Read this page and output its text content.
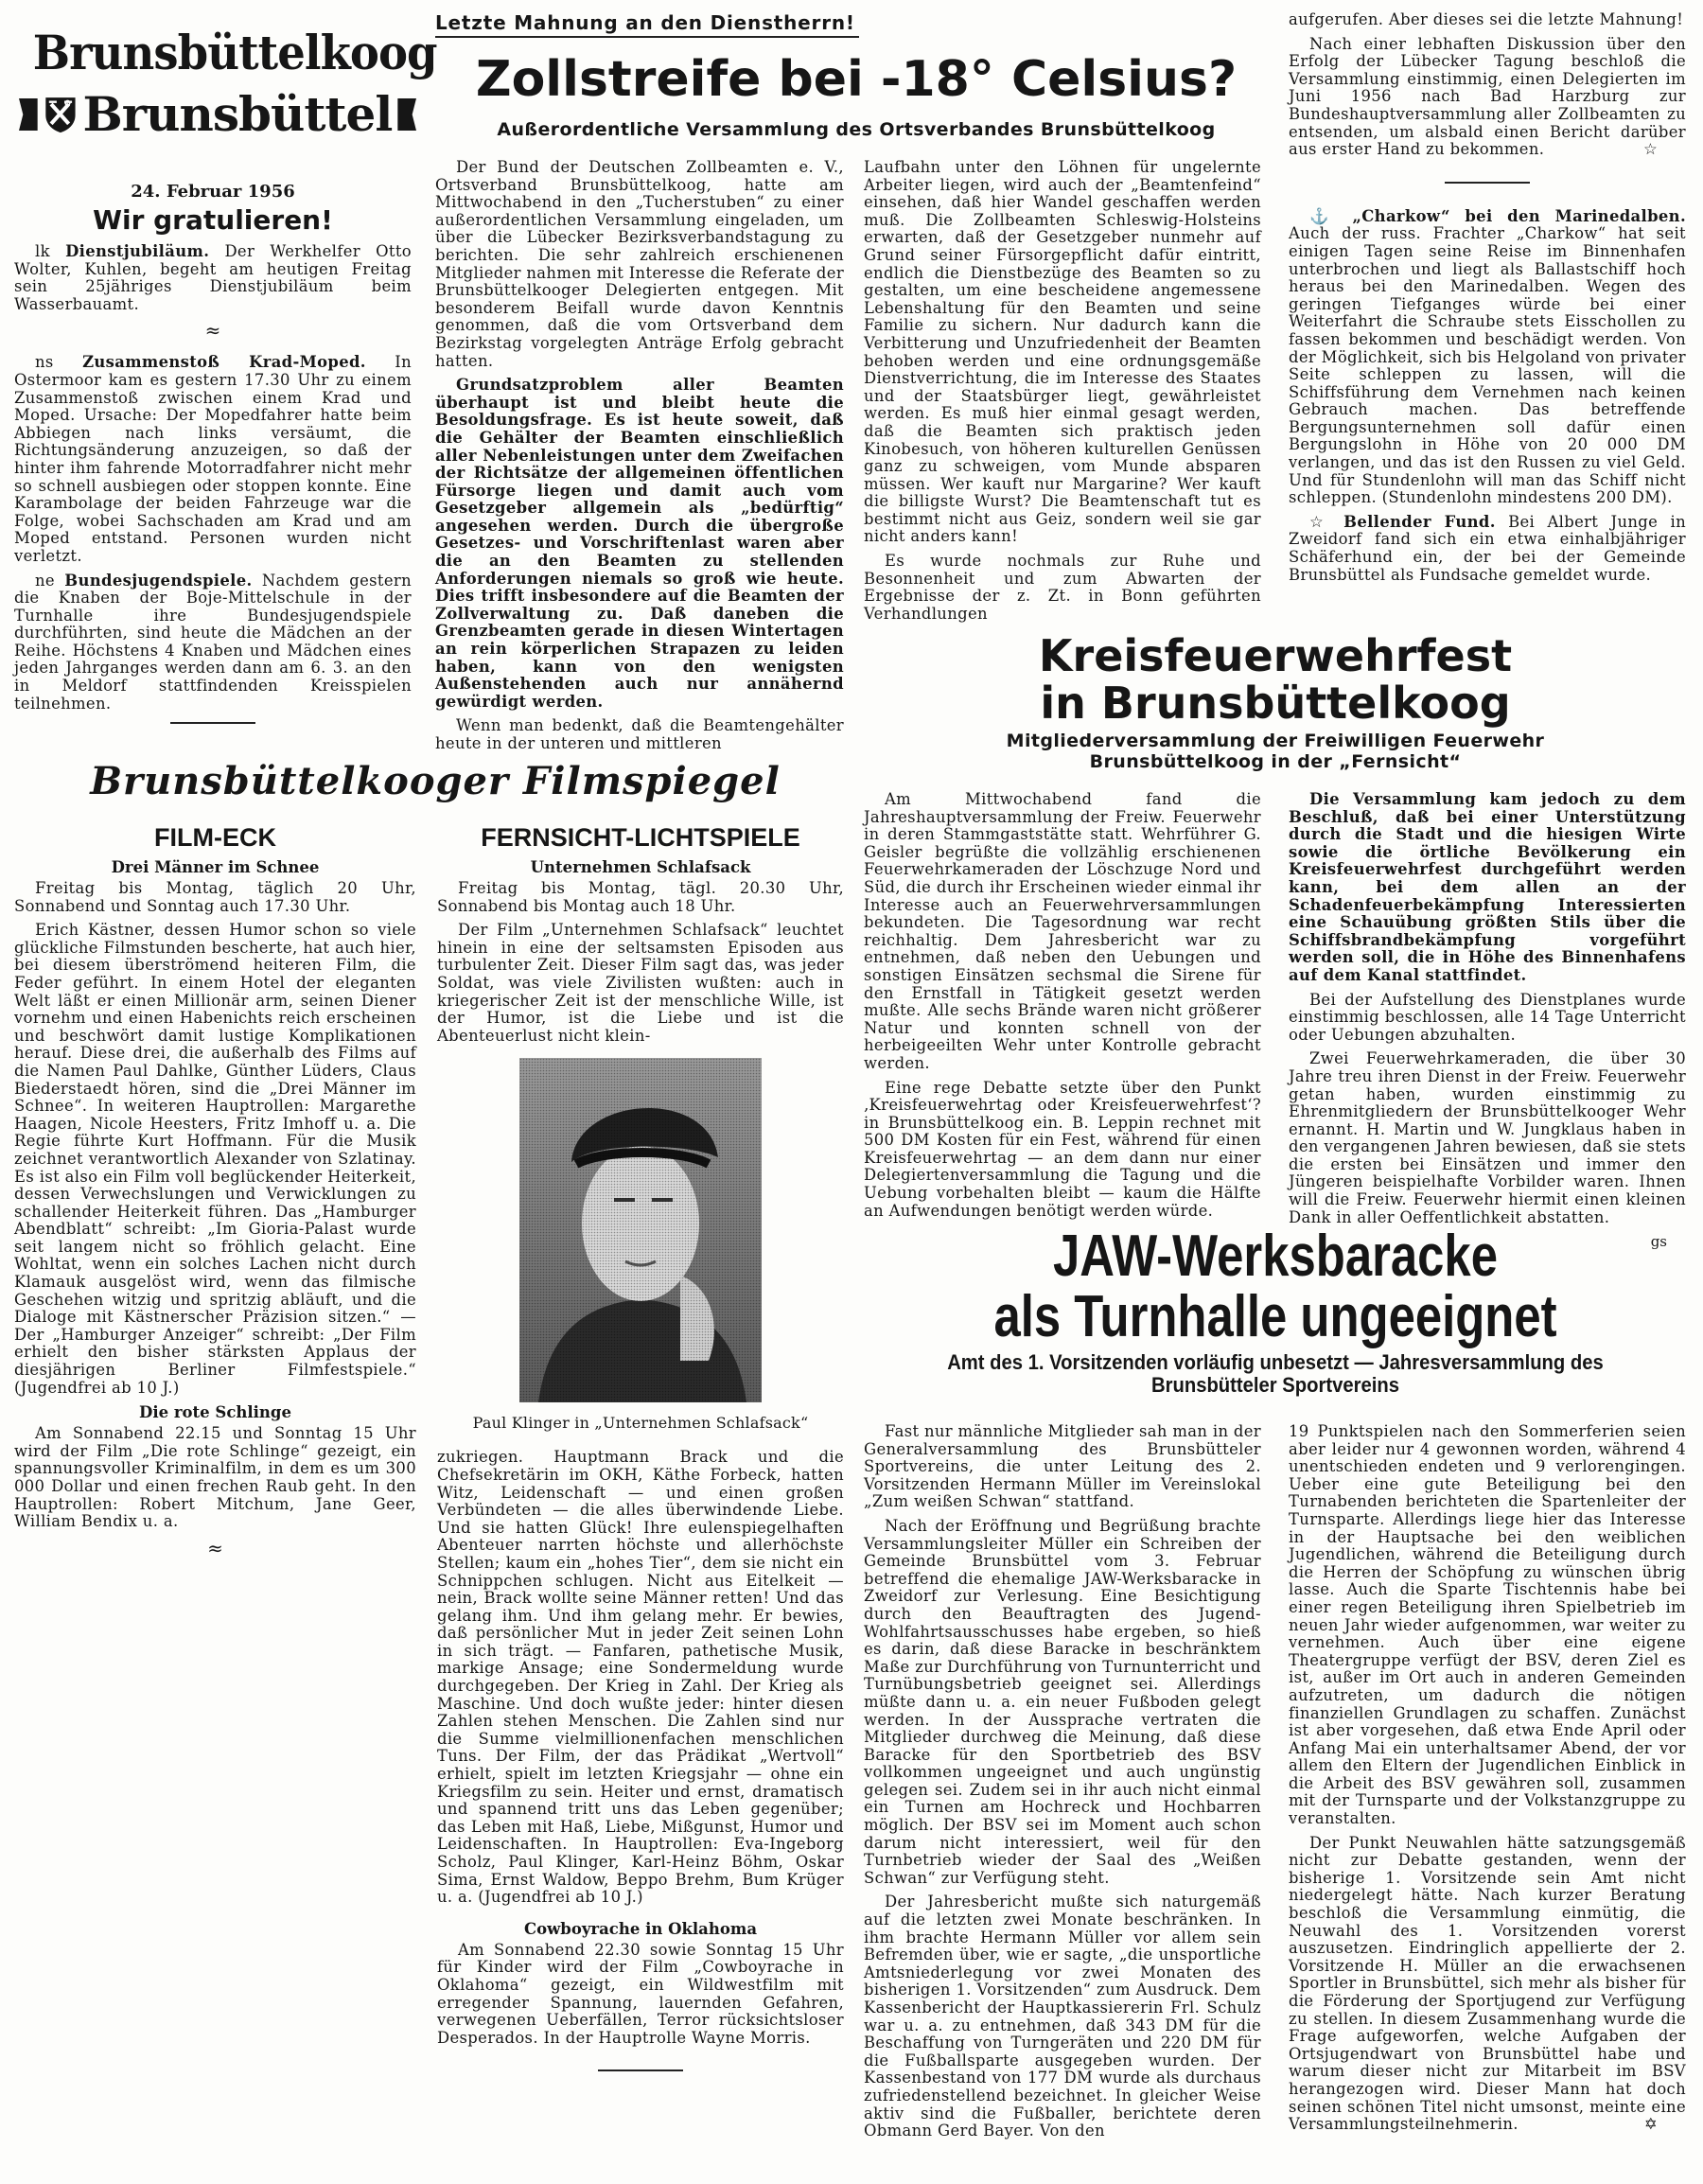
Brunsbüttelkoog
Brunsbüttel
24. Februar 1956
Wir gratulieren!

lk Dienstjubiläum. Der Werkhelfer Otto Wolter, Kuhlen, begeht am heutigen Freitag sein 25jähriges Dienstjubiläum beim Wasserbauamt.

≈

ns Zusammenstoß Krad-Moped. In Ostermoor kam es gestern 17.30 Uhr zu einem Zusammenstoß zwischen einem Krad und Moped. Ursache: Der Mopedfahrer hatte beim Abbiegen nach links versäumt, die Richtungsänderung anzuzeigen, so daß der hinter ihm fahrende Motorradfahrer nicht mehr so schnell ausbiegen oder stoppen konnte. Eine Karambolage der beiden Fahrzeuge war die Folge, wobei Sachschaden am Krad und am Moped entstand. Personen wurden nicht verletzt.

ne Bundesjugendspiele. Nachdem gestern die Knaben der Boje-Mittelschule in der Turnhalle ihre Bundesjugendspiele durchführten, sind heute die Mädchen an der Reihe. Höchstens 4 Knaben und Mädchen eines jeden Jahrganges werden dann am 6. 3. an den in Meldorf stattfindenden Kreisspielen teilnehmen.

Letzte Mahnung an den Dienstherrn!
Zollstreife bei -18° Celsius?
Außerordentliche Versammlung des Ortsverbandes Brunsbüttelkoog

Der Bund der Deutschen Zollbeamten e. V., Ortsverband Brunsbüttelkoog, hatte am Mittwochabend in den „Tucherstuben“ zu einer außerordentlichen Versammlung eingeladen, um über die Lübecker Bezirksverbandstagung zu berichten. Die sehr zahlreich erschienenen Mitglieder nahmen mit Interesse die Referate der Brunsbüttelkooger Delegierten entgegen. Mit besonderem Beifall wurde davon Kenntnis genommen, daß die vom Ortsverband dem Bezirkstag vorgelegten Anträge Erfolg gebracht hatten.

Grundsatzproblem aller Beamten überhaupt ist und bleibt heute die Besoldungsfrage. Es ist heute soweit, daß die Gehälter der Beamten einschließlich aller Nebenleistungen unter dem Zweifachen der Richtsätze der allgemeinen öffentlichen Fürsorge liegen und damit auch vom Gesetzgeber allgemein als „bedürftig“ angesehen werden. Durch die übergroße Gesetzes- und Vorschriftenlast waren aber die an den Beamten zu stellenden Anforderungen niemals so groß wie heute. Dies trifft insbesondere auf die Beamten der Zollverwaltung zu. Daß daneben die Grenzbeamten gerade in diesen Wintertagen an rein körperlichen Strapazen zu leiden haben, kann von den wenigsten Außenstehenden auch nur annähernd gewürdigt werden.

Wenn man bedenkt, daß die Beamtengehälter heute in der unteren und mittleren

Laufbahn unter den Löhnen für ungelernte Arbeiter liegen, wird auch der „Beamtenfeind“ einsehen, daß hier Wandel geschaffen werden muß. Die Zollbeamten Schleswig-Holsteins erwarten, daß der Gesetzgeber nunmehr auf Grund seiner Fürsorgepflicht dafür eintritt, endlich die Dienstbezüge des Beamten so zu gestalten, um eine bescheidene angemessene Lebenshaltung für den Beamten und seine Familie zu sichern. Nur dadurch kann die Verbitterung und Unzufriedenheit der Beamten behoben werden und eine ordnungsgemäße Dienstverrichtung, die im Interesse des Staates und der Staatsbürger liegt, gewährleistet werden. Es muß hier einmal gesagt werden, daß die Beamten sich praktisch jeden Kinobesuch, von höheren kulturellen Genüssen ganz zu schweigen, vom Munde absparen müssen. Wer kauft nur Margarine? Wer kauft die billigste Wurst? Die Beamtenschaft tut es bestimmt nicht aus Geiz, sondern weil sie gar nicht anders kann!

Es wurde nochmals zur Ruhe und Besonnenheit und zum Abwarten der Ergebnisse der z. Zt. in Bonn geführten Verhandlungen

aufgerufen. Aber dieses sei die letzte Mahnung!

Nach einer lebhaften Diskussion über den Erfolg der Lübecker Tagung beschloß die Versammlung einstimmig, einen Delegierten im Juni 1956 nach Bad Harzburg zur Bundeshauptversammlung aller Zollbeamten zu entsenden, um alsbald einen Bericht darüber aus erster Hand zu bekommen.	☆

⚓ „Charkow“ bei den Marinedalben. Auch der russ. Frachter „Charkow“ hat seit einigen Tagen seine Reise im Binnenhafen unterbrochen und liegt als Ballastschiff hoch heraus bei den Marinedalben. Wegen des geringen Tiefganges würde bei einer Weiterfahrt die Schraube stets Eisschollen zu fassen bekommen und beschädigt werden. Von der Möglichkeit, sich bis Helgoland von privater Seite schleppen zu lassen, will die Schiffsführung dem Vernehmen nach keinen Gebrauch machen. Das betreffende Bergungsunternehmen soll dafür einen Bergungslohn in Höhe von 20 000 DM verlangen, und das ist den Russen zu viel Geld. Und für Stundenlohn will man das Schiff nicht schleppen. (Stundenlohn mindestens 200 DM).

☆ Bellender Fund. Bei Albert Junge in Zweidorf fand sich ein etwa einhalbjähriger Schäferhund ein, der bei der Gemeinde Brunsbüttel als Fundsache gemeldet wurde.

Kreisfeuerwehrfest
in Brunsbüttelkoog
Mitgliederversammlung der Freiwilligen Feuerwehr Brunsbüttelkoog in der „Fernsicht“

Am Mittwochabend fand die Jahreshauptversammlung der Freiw. Feuerwehr in deren Stammgaststätte statt. Wehrführer G. Geisler begrüßte die vollzählig erschienenen Feuerwehrkameraden der Löschzuge Nord und Süd, die durch ihr Erscheinen wieder einmal ihr Interesse auch an Feuerwehrversammlungen bekundeten. Die Tagesordnung war recht reichhaltig. Dem Jahresbericht war zu entnehmen, daß neben den Uebungen und sonstigen Einsätzen sechsmal die Sirene für den Ernstfall in Tätigkeit gesetzt werden mußte. Alle sechs Brände waren nicht größerer Natur und konnten schnell von der herbeigeeilten Wehr unter Kontrolle gebracht werden.

Eine rege Debatte setzte über den Punkt ‚Kreisfeuerwehrtag oder Kreisfeuerwehrfest‘? in Brunsbüttelkoog ein. B. Leppin rechnet mit 500 DM Kosten für ein Fest, während für einen Kreisfeuerwehrtag — an dem dann nur einer Delegiertenversammlung die Tagung und die Uebung vorbehalten bleibt — kaum die Hälfte an Aufwendungen benötigt werden würde.

Die Versammlung kam jedoch zu dem Beschluß, daß bei einer Unterstützung durch die Stadt und die hiesigen Wirte sowie die örtliche Bevölkerung ein Kreisfeuerwehrfest durchgeführt werden kann, bei dem allen an der Schadenfeuerbekämpfung Interessierten eine Schauübung größten Stils über die Schiffsbrandbekämpfung vorgeführt werden soll, die in Höhe des Binnenhafens auf dem Kanal stattfindet.

Bei der Aufstellung des Dienstplanes wurde einstimmig beschlossen, alle 14 Tage Unterricht oder Uebungen abzuhalten.

Zwei Feuerwehrkameraden, die über 30 Jahre treu ihren Dienst in der Freiw. Feuerwehr getan haben, wurden einstimmig zu Ehrenmitgliedern der Brunsbüttelkooger Wehr ernannt. H. Martin und W. Jungklaus haben in den vergangenen Jahren bewiesen, daß sie stets die ersten bei Einsätzen und immer den Jüngeren beispielhafte Vorbilder waren. Ihnen will die Freiw. Feuerwehr hiermit einen kleinen Dank in aller Oeffentlichkeit abstatten.

gs
JAW-Werksbaracke
als Turnhalle ungeeignet
Amt des 1. Vorsitzenden vorläufig unbesetzt — Jahresversammlung des Brunsbütteler Sportvereins

Fast nur männliche Mitglieder sah man in der Generalversammlung des Brunsbütteler Sportvereins, die unter Leitung des 2. Vorsitzenden Hermann Müller im Vereinslokal „Zum weißen Schwan“ stattfand.

Nach der Eröffnung und Begrüßung brachte Versammlungsleiter Müller ein Schreiben der Gemeinde Brunsbüttel vom 3. Februar betreffend die ehemalige JAW-Werksbaracke in Zweidorf zur Verlesung. Eine Besichtigung durch den Beauftragten des Jugend-Wohlfahrtsausschusses habe ergeben, so hieß es darin, daß diese Baracke in beschränktem Maße zur Durchführung von Turnunterricht und Turnübungsbetrieb geeignet sei. Allerdings müßte dann u. a. ein neuer Fußboden gelegt werden. In der Aussprache vertraten die Mitglieder durchweg die Meinung, daß diese Baracke für den Sportbetrieb des BSV vollkommen ungeeignet und auch ungünstig gelegen sei. Zudem sei in ihr auch nicht einmal ein Turnen am Hochreck und Hochbarren möglich. Der BSV sei im Moment auch schon darum nicht interessiert, weil für den Turnbetrieb wieder der Saal des „Weißen Schwan“ zur Verfügung steht.

Der Jahresbericht mußte sich naturgemäß auf die letzten zwei Monate beschränken. In ihm brachte Hermann Müller vor allem sein Befremden über, wie er sagte, „die unsportliche Amtsniederlegung vor zwei Monaten des bisherigen 1. Vorsitzenden“ zum Ausdruck. Dem Kassenbericht der Hauptkassiererin Frl. Schulz war u. a. zu entnehmen, daß 343 DM für die Beschaffung von Turngeräten und 220 DM für die Fußballsparte ausgegeben wurden. Der Kassenbestand von 177 DM wurde als durchaus zufriedenstellend bezeichnet. In gleicher Weise aktiv sind die Fußballer, berichtete deren Obmann Gerd Bayer. Von den

19 Punktspielen nach den Sommerferien seien aber leider nur 4 gewonnen worden, während 4 unentschieden endeten und 9 verlorengingen. Ueber eine gute Beteiligung bei den Turnabenden berichteten die Spartenleiter der Turnsparte. Allerdings liege hier das Interesse in der Hauptsache bei den weiblichen Jugendlichen, während die Beteiligung durch die Herren der Schöpfung zu wünschen übrig lasse. Auch die Sparte Tischtennis habe bei einer regen Beteiligung ihren Spielbetrieb im neuen Jahr wieder aufgenommen, war weiter zu vernehmen. Auch über eine eigene Theatergruppe verfügt der BSV, deren Ziel es ist, außer im Ort auch in anderen Gemeinden aufzutreten, um dadurch die nötigen finanziellen Grundlagen zu schaffen. Zunächst ist aber vorgesehen, daß etwa Ende April oder Anfang Mai ein unterhaltsamer Abend, der vor allem den Eltern der Jugendlichen Einblick in die Arbeit des BSV gewähren soll, zusammen mit der Turnsparte und der Volkstanzgruppe zu veranstalten.

Der Punkt Neuwahlen hätte satzungsgemäß nicht zur Debatte gestanden, wenn der bisherige 1. Vorsitzende sein Amt nicht niedergelegt hätte. Nach kurzer Beratung beschloß die Versammlung einmütig, die Neuwahl des 1. Vorsitzenden vorerst auszusetzen. Eindringlich appellierte der 2. Vorsitzende H. Müller an die erwachsenen Sportler in Brunsbüttel, sich mehr als bisher für die Förderung der Sportjugend zur Verfügung zu stellen. In diesem Zusammenhang wurde die Frage aufgeworfen, welche Aufgaben der Ortsjugendwart von Brunsbüttel habe und warum dieser nicht zur Mitarbeit im BSV herangezogen wird. Dieser Mann hat doch seinen schönen Titel nicht umsonst, meinte eine Versammlungsteilnehmerin.	✡

Brunsbüttelkooger Filmspiegel
FILM-ECK
Drei Männer im Schnee

Freitag bis Montag, täglich 20 Uhr, Sonnabend und Sonntag auch 17.30 Uhr.

Erich Kästner, dessen Humor schon so viele glückliche Filmstunden bescherte, hat auch hier, bei diesem überströmend heiteren Film, die Feder geführt. In einem Hotel der eleganten Welt läßt er einen Millionär arm, seinen Diener vornehm und einen Habenichts reich erscheinen und beschwört damit lustige Komplikationen herauf. Diese drei, die außerhalb des Films auf die Namen Paul Dahlke, Günther Lüders, Claus Biederstaedt hören, sind die „Drei Männer im Schnee“. In weiteren Hauptrollen: Margarethe Haagen, Nicole Heesters, Fritz Imhoff u. a. Die Regie führte Kurt Hoffmann. Für die Musik zeichnet verantwortlich Alexander von Szlatinay. Es ist also ein Film voll beglückender Heiterkeit, dessen Verwechslungen und Verwicklungen zu schallender Heiterkeit führen. Das „Hamburger Abendblatt“ schreibt: „Im Gioria-Palast wurde seit langem nicht so fröhlich gelacht. Eine Wohltat, wenn ein solches Lachen nicht durch Klamauk ausgelöst wird, wenn das filmische Geschehen witzig und spritzig abläuft, und die Dialoge mit Kästnerscher Präzision sitzen.“ — Der „Hamburger Anzeiger“ schreibt: „Der Film erhielt den bisher stärksten Applaus der diesjährigen Berliner Filmfestspiele.“ (Jugendfrei ab 10 J.)

Die rote Schlinge

Am Sonnabend 22.15 und Sonntag 15 Uhr wird der Film „Die rote Schlinge“ gezeigt, ein spannungsvoller Kriminalfilm, in dem es um 300 000 Dollar und einen frechen Raub geht. In den Hauptrollen: Robert Mitchum, Jane Geer, William Bendix u. a.

≈
FERNSICHT-LICHTSPIELE
Unternehmen Schlafsack

Freitag bis Montag, tägl. 20.30 Uhr, Sonnabend bis Montag auch 18 Uhr.

Der Film „Unternehmen Schlafsack“ leuchtet hinein in eine der seltsamsten Episoden aus turbulenter Zeit. Dieser Film sagt das, was jeder Soldat, was viele Zivilisten wußten: auch in kriegerischer Zeit ist der menschliche Wille, ist der Humor, ist die Liebe und ist die Abenteuerlust nicht klein-

Paul Klinger in „Unternehmen Schlafsack“

zukriegen. Hauptmann Brack und die Chefsekretärin im OKH, Käthe Forbeck, hatten Witz, Leidenschaft — und einen großen Verbündeten — die alles überwindende Liebe. Und sie hatten Glück! Ihre eulenspiegelhaften Abenteuer narrten höchste und allerhöchste Stellen; kaum ein „hohes Tier“, dem sie nicht ein Schnippchen schlugen. Nicht aus Eitelkeit — nein, Brack wollte seine Männer retten! Und das gelang ihm. Und ihm gelang mehr. Er bewies, daß persönlicher Mut in jeder Zeit seinen Lohn in sich trägt. — Fanfaren, pathetische Musik, markige Ansage; eine Sondermeldung wurde durchgegeben. Der Krieg in Zahl. Der Krieg als Maschine. Und doch wußte jeder: hinter diesen Zahlen stehen Menschen. Die Zahlen sind nur die Summe vielmillionenfachen menschlichen Tuns. Der Film, der das Prädikat „Wertvoll“ erhielt, spielt im letzten Kriegsjahr — ohne ein Kriegsfilm zu sein. Heiter und ernst, dramatisch und spannend tritt uns das Leben gegenüber; das Leben mit Haß, Liebe, Mißgunst, Humor und Leidenschaften. In Hauptrollen: Eva-Ingeborg Scholz, Paul Klinger, Karl-Heinz Böhm, Oskar Sima, Ernst Waldow, Beppo Brehm, Bum Krüger u. a. (Jugendfrei ab 10 J.)

Cowboyrache in Oklahoma

Am Sonnabend 22.30 sowie Sonntag 15 Uhr für Kinder wird der Film „Cowboyrache in Oklahoma“ gezeigt, ein Wildwestfilm mit erregender Spannung, lauernden Gefahren, verwegenen Ueberfällen, Terror rücksichtsloser Desperados. In der Hauptrolle Wayne Morris.
